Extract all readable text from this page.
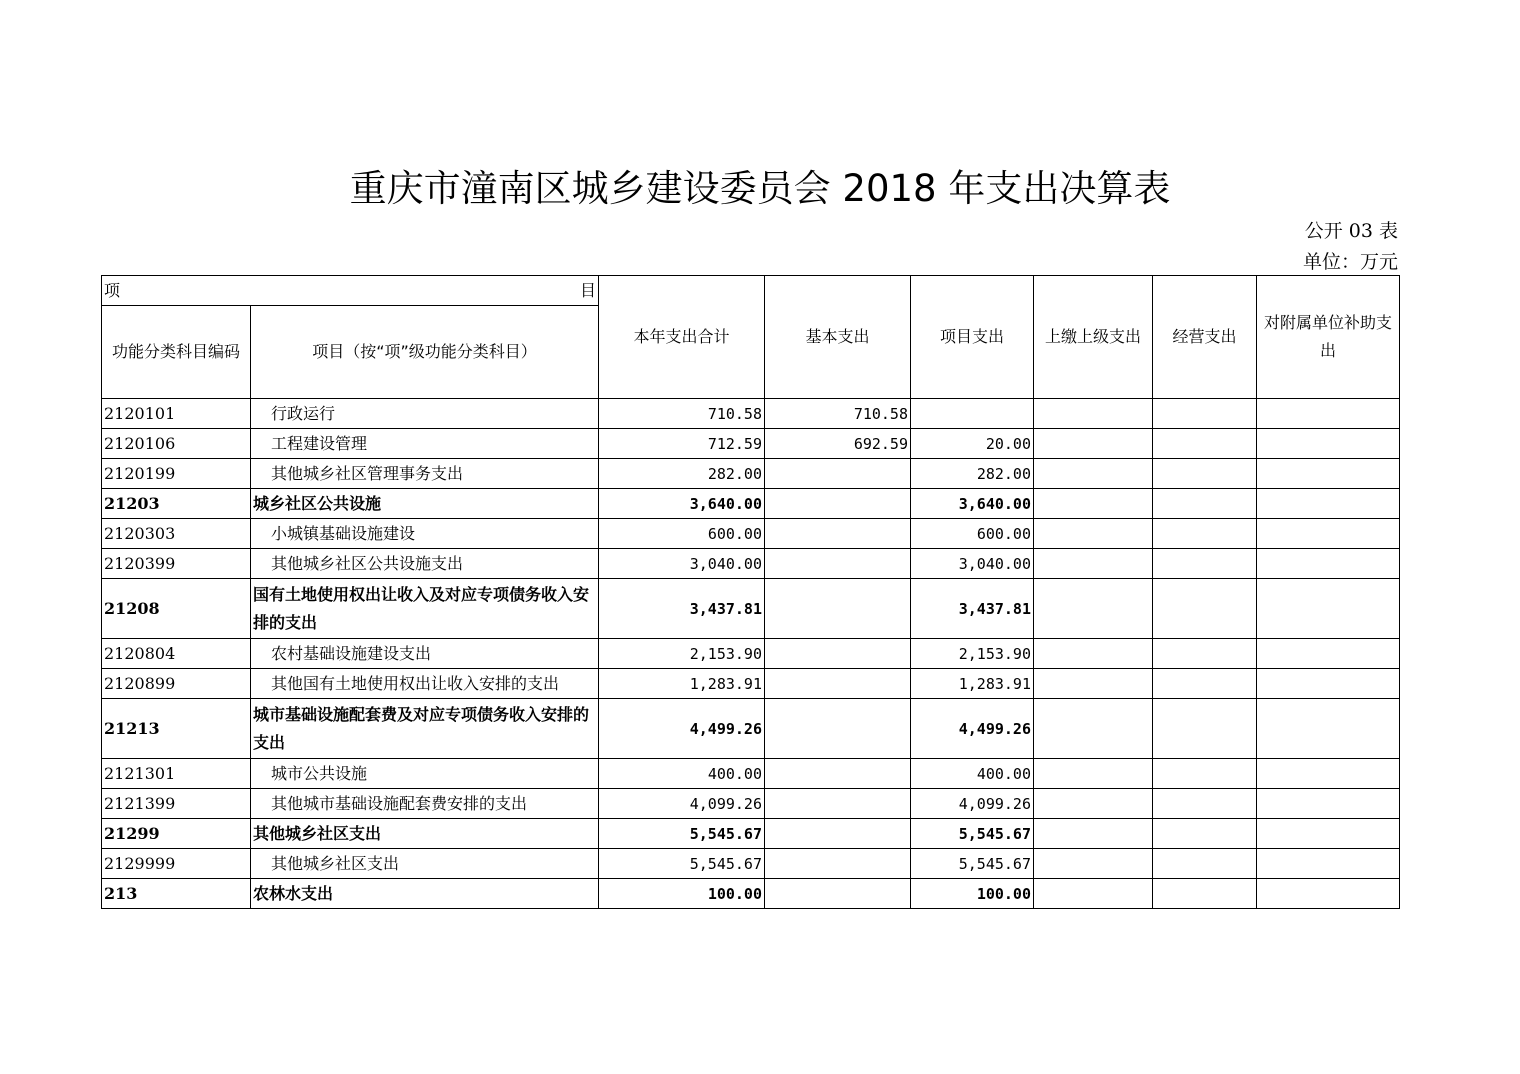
重庆市潼南区城乡建设委员会 2018 年支出决算表
公开 03 表
单位：万元
项 目		本年支出合计	基本支出	项目支出	上缴上级支出	经营支出	对附属单位补助支出
功能分类科目编码	项目（按“项”级功能分类科目）						
2120101	行政运行	710.58	710.58				
2120106	工程建设管理	712.59	692.59	20.00			
2120199	其他城乡社区管理事务支出	282.00		282.00			
21203	城乡社区公共设施	3,640.00		3,640.00			
2120303	小城镇基础设施建设	600.00		600.00			
2120399	其他城乡社区公共设施支出	3,040.00		3,040.00			
21208	国有土地使用权出让收入及对应专项债务收入安排的支出	3,437.81		3,437.81			
2120804	农村基础设施建设支出	2,153.90		2,153.90			
2120899	其他国有土地使用权出让收入安排的支出	1,283.91		1,283.91			
21213	城市基础设施配套费及对应专项债务收入安排的支出	4,499.26		4,499.26			
2121301	城市公共设施	400.00		400.00			
2121399	其他城市基础设施配套费安排的支出	4,099.26		4,099.26			
21299	其他城乡社区支出	5,545.67		5,545.67			
2129999	其他城乡社区支出	5,545.67		5,545.67			
213	农林水支出	100.00		100.00			
